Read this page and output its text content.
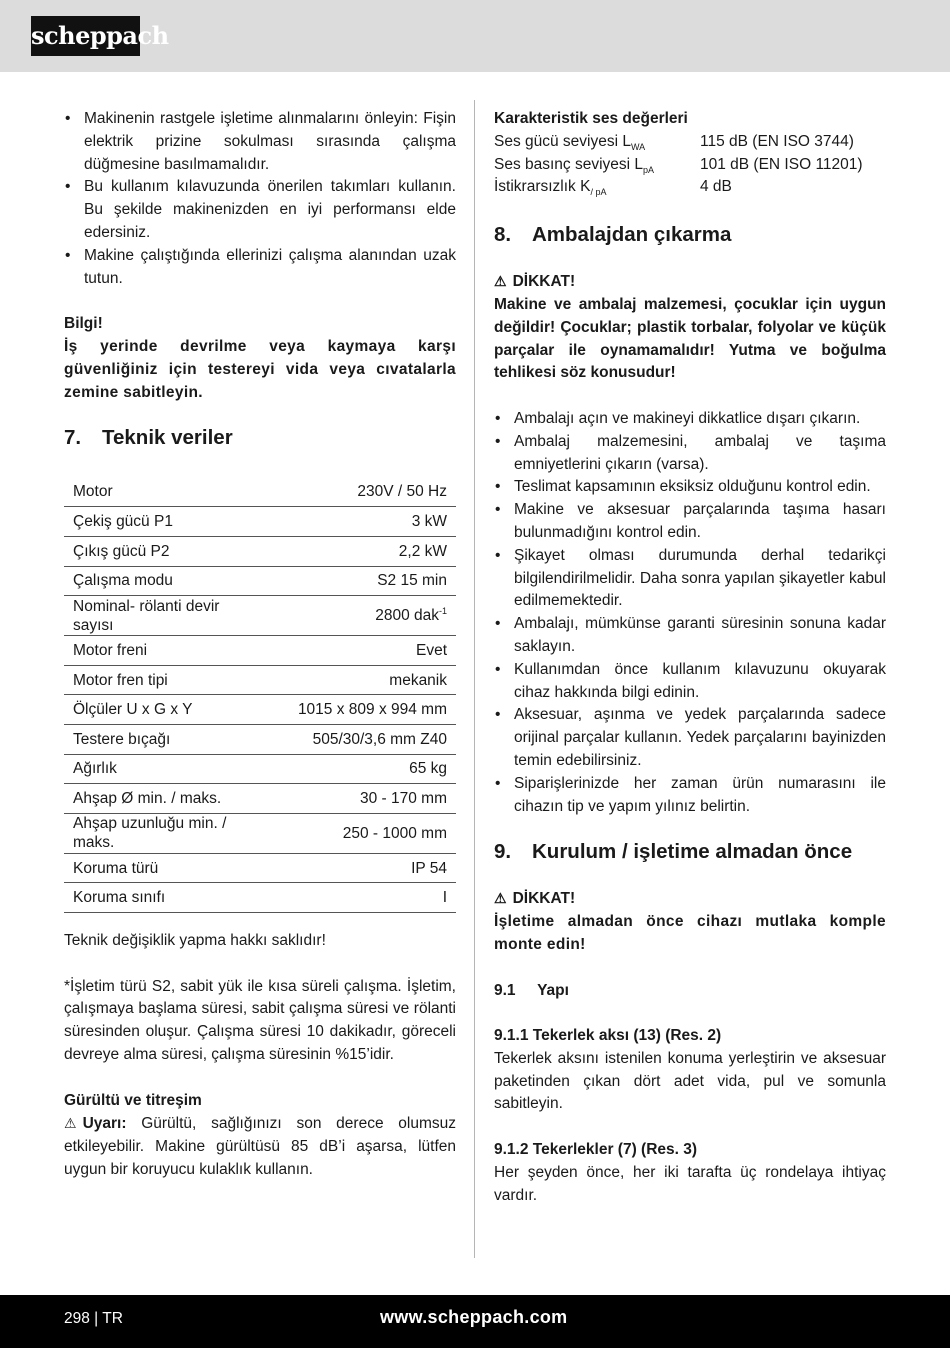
scheppach
• Makinenin rastgele işletime alınmalarını önleyin: Fişin elektrik prizine sokulması sırasında çalışma düğmesine basılmamalıdır.
• Bu kullanım kılavuzunda önerilen takımları kullanın. Bu şekilde makinenizden en iyi performansı elde edersiniz.
• Makine çalıştığında ellerinizi çalışma alanından uzak tutun.
Bilgi!
İş yerinde devrilme veya kaymaya karşı güvenliğiniz için testereyi vida veya cıvatalarla zemine sabitleyin.
7. Teknik veriler
Motor	230V / 50 Hz
Çekiş gücü P1	3 kW
Çıkış gücü P2	2,2 kW
Çalışma modu	S2 15 min
Nominal- rölanti devir sayısı	2800 dak$^{-1}$
Motor freni	Evet
Motor fren tipi	mekanik
Ölçüler U x G x Y	1015 x 809 x 994 mm
Testere bıçağı	505/30/3,6 mm Z40
Ağırlık	65 kg
Ahşap Ø min. / maks.	30 - 170 mm
Ahşap uzunluğu min. / maks.	250 - 1000 mm
Koruma türü	IP 54
Koruma sınıfı	I
Teknik değişiklik yapma hakkı saklıdır!
*İşletim türü S2, sabit yük ile kısa süreli çalışma. İşletim, çalışmaya başlama süresi, sabit çalışma süresi ve rölanti süresinden oluşur. Çalışma süresi 10 dakikadır, göreceli devreye alma süresi, çalışma süresinin %15’idir.
Gürültü ve titreşim
⚠ Uyarı: Gürültü, sağlığınızı son derece olumsuz etkileyebilir. Makine gürültüsü 85 dB’i aşarsa, lütfen uygun bir koruyucu kulaklık kullanın.
Karakteristik ses değerleri
Ses gücü seviyesi $L_{WA}$	115 dB (EN ISO 3744)
Ses basınç seviyesi $L_{pA}$	101 dB (EN ISO 11201)
İstikrarsızlık $K_{/ pA}$	4 dB
8. Ambalajdan çıkarma
⚠ DİKKAT!
Makine ve ambalaj malzemesi, çocuklar için uygun değildir! Çocuklar; plastik torbalar, folyolar ve küçük parçalar ile oynamamalıdır! Yutma ve boğulma tehlikesi söz konusudur!
• Ambalajı açın ve makineyi dikkatlice dışarı çıkarın.
• Ambalaj malzemesini, ambalaj ve taşıma emniyetlerini çıkarın (varsa).
• Teslimat kapsamının eksiksiz olduğunu kontrol edin.
• Makine ve aksesuar parçalarında taşıma hasarı bulunmadığını kontrol edin.
• Şikayet olması durumunda derhal tedarikçi bilgilendirilmelidir. Daha sonra yapılan şikayetler kabul edilmemektedir.
• Ambalajı, mümkünse garanti süresinin sonuna kadar saklayın.
• Kullanımdan önce kullanım kılavuzunu okuyarak cihaz hakkında bilgi edinin.
• Aksesuar, aşınma ve yedek parçalarında sadece orijinal parçalar kullanın. Yedek parçalarını bayinizden temin edebilirsiniz.
• Siparişlerinizde her zaman ürün numarasını ile cihazın tip ve yapım yılınız belirtin.
9. Kurulum / işletime almadan önce
⚠ DİKKAT!
İşletime almadan önce cihazı mutlaka komple monte edin!
9.1     Yapı
9.1.1 Tekerlek aksı (13) (Res. 2)
Tekerlek aksını istenilen konuma yerleştirin ve aksesuar paketinden çıkan dört adet vida, pul ve somunla sabitleyin.
9.1.2 Tekerlekler (7) (Res. 3)
Her şeyden önce, her iki tarafta üç rondelaya ihtiyaç vardır.
298 | TR	www.scheppach.com
